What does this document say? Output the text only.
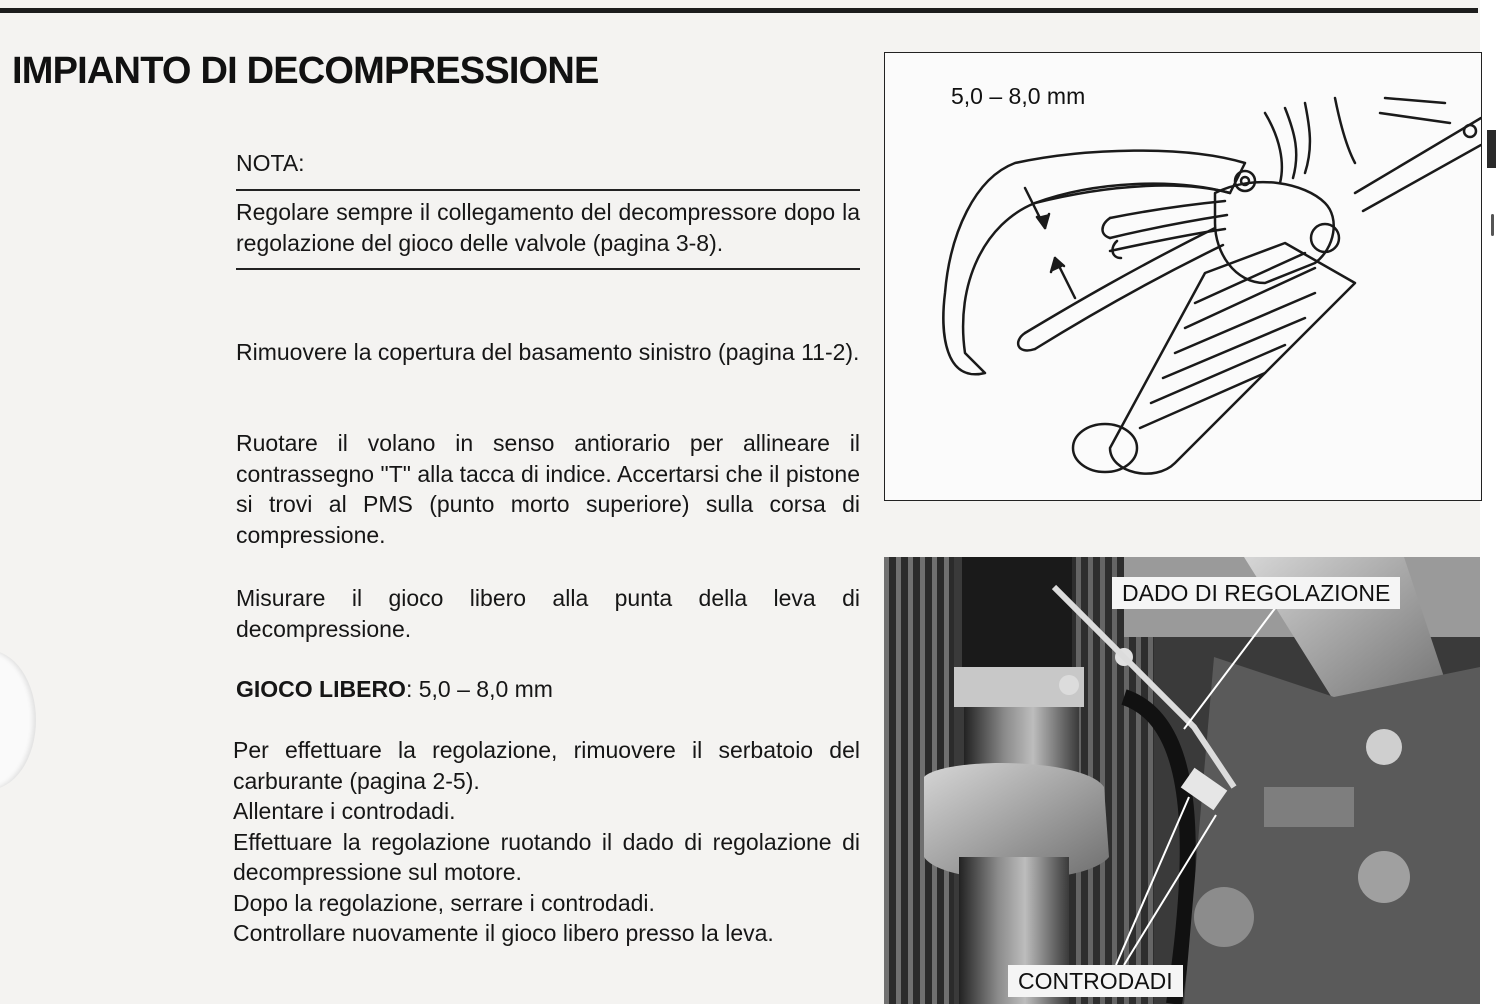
IMPIANTO DI DECOMPRESSIONE
NOTA:
Regolare sempre il collegamento del decompressore dopo la regolazione del gioco delle valvole (pagina 3-8).
Rimuovere la copertura del basamento sinistro (pagina 11-2).
Ruotare il volano in senso antiorario per allineare il contrassegno "T" alla tacca di indice. Accertarsi che il pistone si trovi al PMS (punto morto superiore) sulla corsa di compressione.
Misurare il gioco libero alla punta della leva di decompressione.
GIOCO LIBERO: 5,0 – 8,0 mm
Per effettuare la regolazione, rimuovere il serbatoio del carburante (pagina 2-5).
Allentare i controdadi.
Effettuare la regolazione ruotando il dado di regolazione di decompressione sul motore.
Dopo la regolazione, serrare i controdadi.
Controllare nuovamente il gioco libero presso la leva.
5,0 – 8,0 mm
DADO DI REGOLAZIONE
CONTRODADI
